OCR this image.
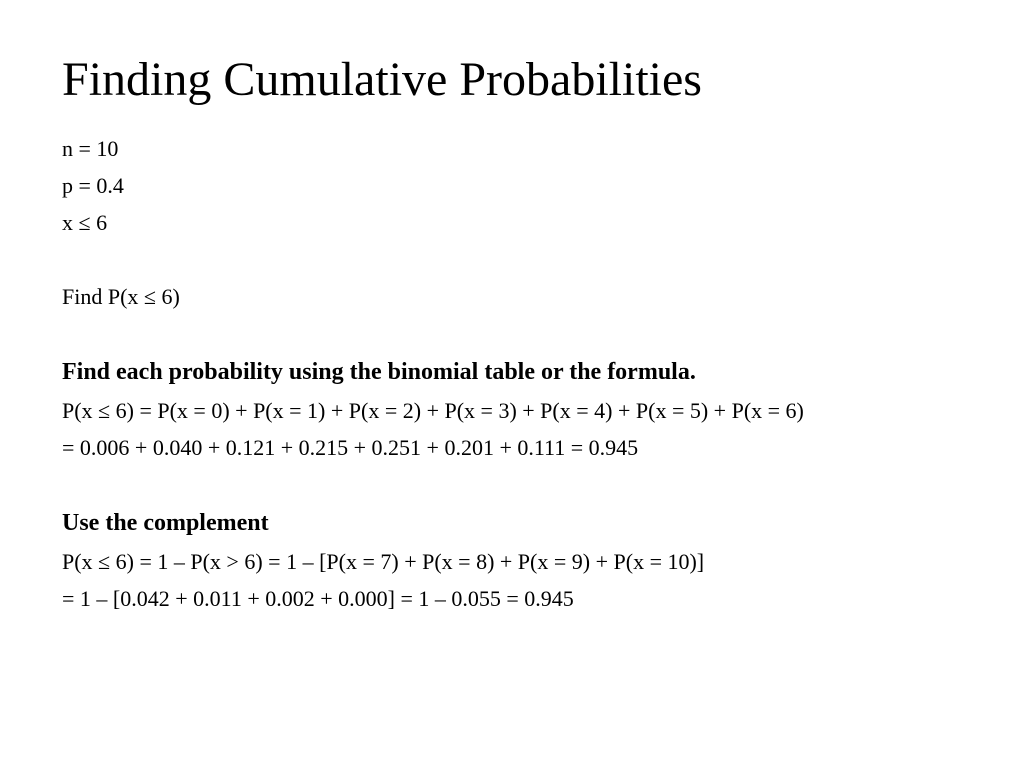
Finding Cumulative Probabilities

n = 10

p = 0.4

x ≤ 6

Find P(x ≤ 6)

Find each probability using the binomial table or the formula.

P(x ≤ 6) = P(x = 0) + P(x = 1) + P(x = 2) + P(x = 3) + P(x = 4) + P(x = 5) + P(x = 6)

= 0.006 + 0.040 + 0.121 + 0.215 + 0.251 + 0.201 + 0.111 = 0.945

Use the complement

P(x ≤ 6) = 1 – P(x > 6) = 1 – [P(x = 7) + P(x = 8) + P(x = 9) + P(x = 10)]

= 1 – [0.042 + 0.011 + 0.002 + 0.000] = 1 – 0.055 = 0.945
